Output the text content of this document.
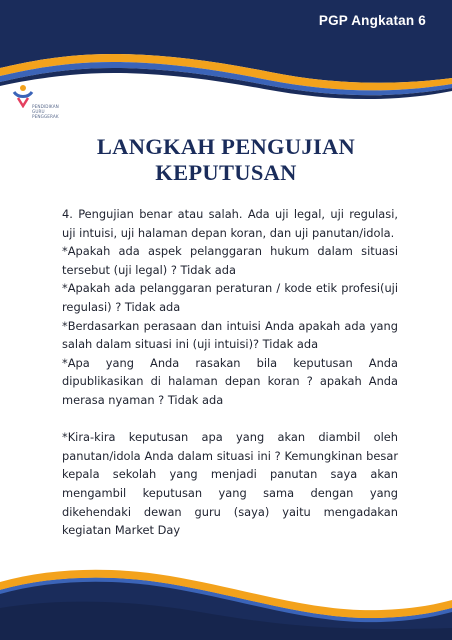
PGP Angkatan 6
PENDIDIKAN
GURU
PENGGERAK
LANGKAH PENGUJIAN
KEPUTUSAN

4. Pengujian benar atau salah. Ada uji legal, uji regulasi, uji intuisi, uji halaman depan koran, dan uji panutan/idola.

*Apakah ada aspek pelanggaran hukum dalam situasi tersebut (uji legal) ? Tidak ada

*Apakah ada pelanggaran peraturan / kode etik profesi(uji regulasi) ? Tidak ada

*Berdasarkan perasaan dan intuisi Anda apakah ada yang salah dalam situasi ini (uji intuisi)? Tidak ada

*Apa yang Anda rasakan bila keputusan Anda dipublikasikan di halaman depan koran ? apakah Anda merasa nyaman ? Tidak ada

*Kira-kira keputusan apa yang akan diambil oleh panutan/idola Anda dalam situasi ini ? Kemungkinan besar kepala sekolah yang menjadi panutan saya akan mengambil keputusan yang sama dengan yang dikehendaki dewan guru (saya) yaitu mengadakan kegiatan Market Day
